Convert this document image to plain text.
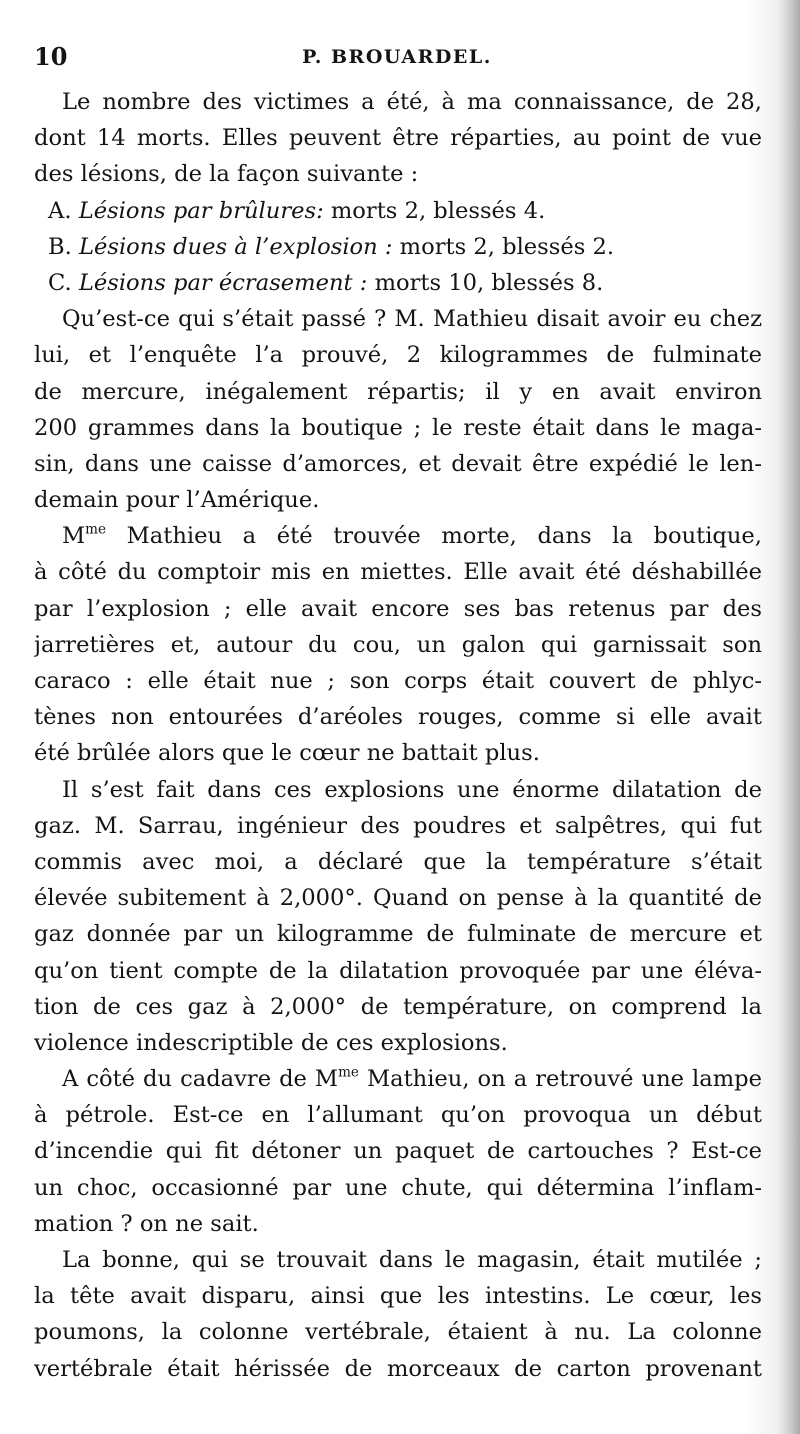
10	P. BROUARDEL.
Le nombre des victimes a été, à ma connaissance, de 28,
dont 14 morts. Elles peuvent être réparties, au point de vue
des lésions, de la façon suivante :
A. Lésions par brûlures: morts 2, blessés 4.
B. Lésions dues à l’explosion : morts 2, blessés 2.
C. Lésions par écrasement : morts 10, blessés 8.
Qu’est-ce qui s’était passé ? M. Mathieu disait avoir eu chez
lui, et l’enquête l’a prouvé, 2 kilogrammes de fulminate
de mercure, inégalement répartis; il y en avait environ
200 grammes dans la boutique ; le reste était dans le maga-
sin, dans une caisse d’amorces, et devait être expédié le len-
demain pour l’Amérique.
$M^{me}$ Mathieu a été trouvée morte, dans la boutique,
à côté du comptoir mis en miettes. Elle avait été déshabillée
par l’explosion ; elle avait encore ses bas retenus par des
jarretières et, autour du cou, un galon qui garnissait son
caraco : elle était nue ; son corps était couvert de phlyc-
tènes non entourées d’aréoles rouges, comme si elle avait
été brûlée alors que le cœur ne battait plus.
Il s’est fait dans ces explosions une énorme dilatation de
gaz. M. Sarrau, ingénieur des poudres et salpêtres, qui fut
commis avec moi, a déclaré que la température s’était
élevée subitement à 2,000°. Quand on pense à la quantité de
gaz donnée par un kilogramme de fulminate de mercure et
qu’on tient compte de la dilatation provoquée par une éléva-
tion de ces gaz à 2,000° de température, on comprend la
violence indescriptible de ces explosions.
A côté du cadavre de $M^{me}$ Mathieu, on a retrouvé une lampe
à pétrole. Est-ce en l’allumant qu’on provoqua un début
d’incendie qui fit détoner un paquet de cartouches ? Est-ce
un choc, occasionné par une chute, qui détermina l’inflam-
mation ? on ne sait.
La bonne, qui se trouvait dans le magasin, était mutilée ;
la tête avait disparu, ainsi que les intestins. Le cœur, les
poumons, la colonne vertébrale, étaient à nu. La colonne
vertébrale était hérissée de morceaux de carton provenant
